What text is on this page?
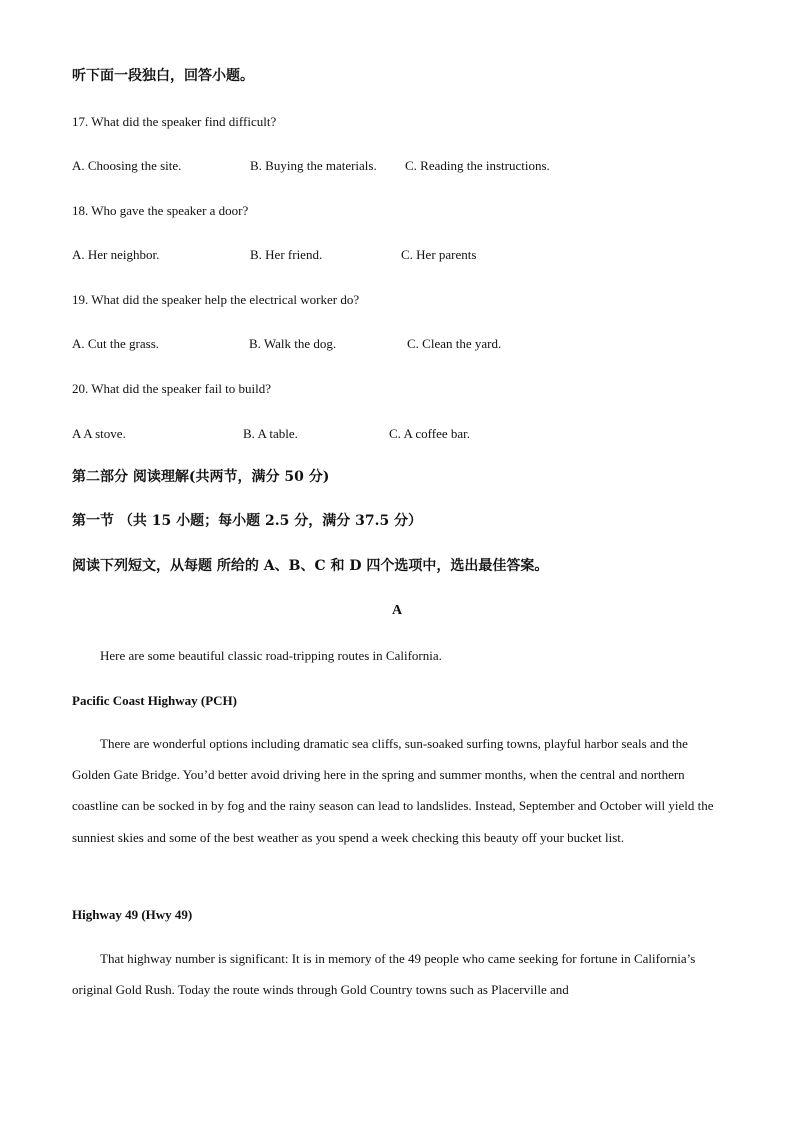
听下面一段独白，回答小题。
17. What did the speaker find difficult?
A. Choosing the site.	B. Buying the materials. C. Reading the instructions.
18. Who gave the speaker a door?
A. Her neighbor.	B. Her friend.	C. Her parents
19. What did the speaker help the electrical worker do?
A. Cut the grass.	B. Walk the dog.	C. Clean the yard.
20. What did the speaker fail to build?
A A stove.	B. A table.	C. A coffee bar.
第二部分 阅读理解(共两节，满分 50 分)
第一节 （共 15 小题；每小题 2.5 分，满分 37.5 分）
阅读下列短文，从每题 所给的 A、B、C 和 D 四个选项中，选出最佳答案。
A
Here are some beautiful classic road-tripping routes in California.
Pacific Coast Highway (PCH)

There are wonderful options including dramatic sea cliffs, sun-soaked surfing towns, playful harbor seals and the Golden Gate Bridge. You’d better avoid driving here in the spring and summer months, when the central and northern coastline can be socked in by fog and the rainy season can lead to landslides. Instead, September and October will yield the sunniest skies and some of the best weather as you spend a week checking this beauty off your bucket list.

Highway 49 (Hwy 49)

That highway number is significant: It is in memory of the 49 people who came seeking for fortune in California’s original Gold Rush. Today the route winds through Gold Country towns such as Placerville and
